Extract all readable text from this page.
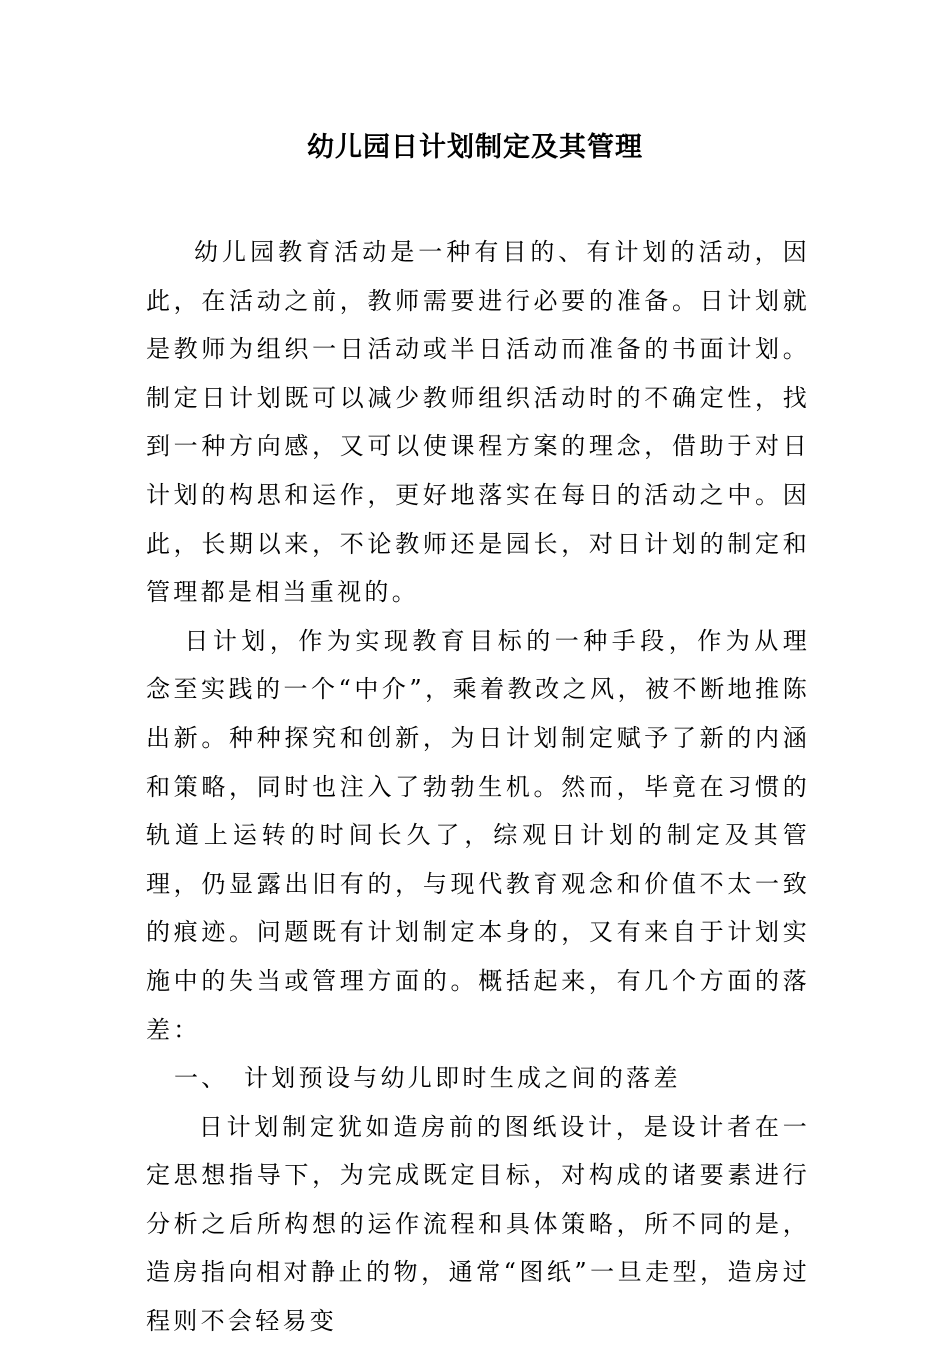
幼儿园日计划制定及其管理

幼儿园教育活动是一种有目的、有计划的活动，因此，在活动之前，教师需要进行必要的准备。日计划就是教师为组织一日活动或半日活动而准备的书面计划。制定日计划既可以减少教师组织活动时的不确定性，找到一种方向感，又可以使课程方案的理念，借助于对日计划的构思和运作，更好地落实在每日的活动之中。因此，长期以来，不论教师还是园长，对日计划的制定和管理都是相当重视的。

日计划，作为实现教育目标的一种手段，作为从理念至实践的一个“中介”，乘着教改之风，被不断地推陈出新。种种探究和创新，为日计划制定赋予了新的内涵和策略，同时也注入了勃勃生机。然而，毕竟在习惯的轨道上运转的时间长久了，综观日计划的制定及其管理，仍显露出旧有的，与现代教育观念和价值不太一致的痕迹。问题既有计划制定本身的，又有来自于计划实施中的失当或管理方面的。概括起来，有几个方面的落差：

一、 计划预设与幼儿即时生成之间的落差

日计划制定犹如造房前的图纸设计，是设计者在一定思想指导下，为完成既定目标，对构成的诸要素进行分析之后所构想的运作流程和具体策略，所不同的是，造房指向相对静止的物，通常“图纸”一旦走型，造房过程则不会轻易变
